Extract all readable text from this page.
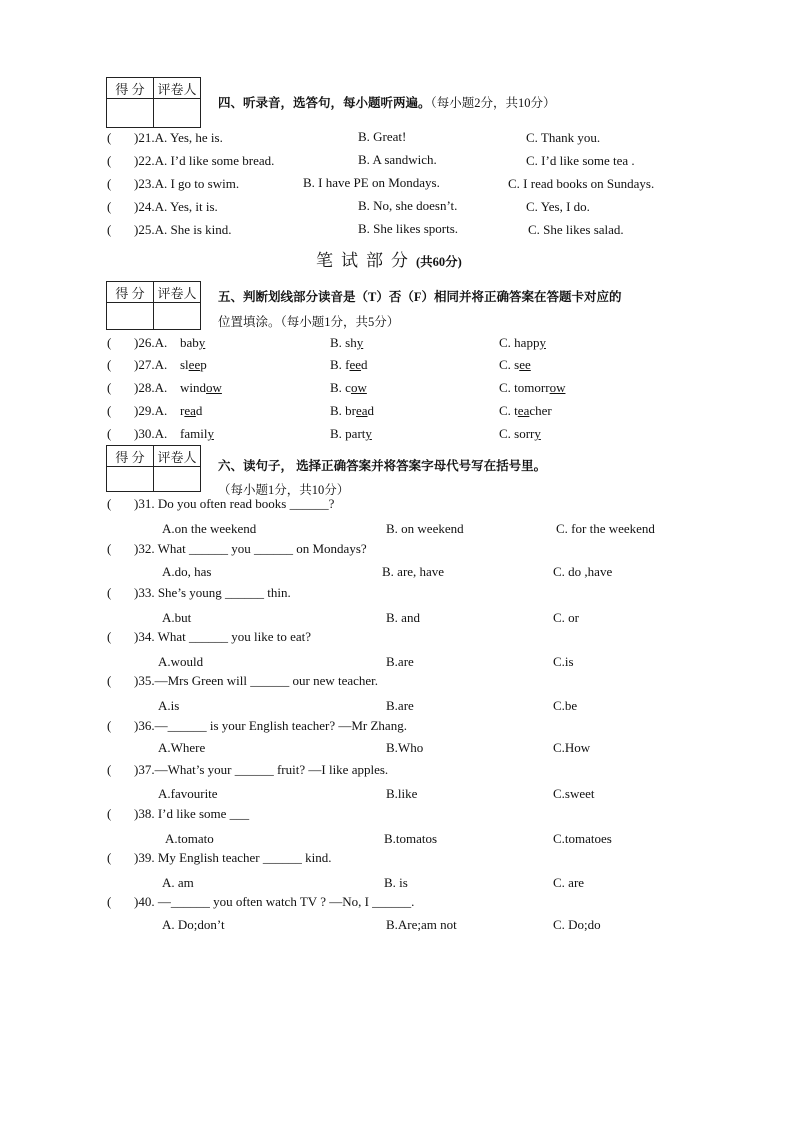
得 分	评卷人

四、听录音，选答句，每小题听两遍。（每小题2分，共10分）
( )21.A. Yes, he is.	B. Great!	C. Thank you.
( )22.A. I’d like some bread.	B. A sandwich.	C. I’d like some tea .
( )23.A. I go to swim.	B. I have PE on Mondays.	C. I read books on Sundays.
( )24.A. Yes, it is.	B. No, she doesn’t.	C. Yes, I do.
( )25.A. She is kind.	B. She likes sports.	C. She likes salad.
笔试部分(共60分)
得 分	评卷人
	五、判断划线部分读音是（T）否（F）相同并将正确答案在答题卡对应的
位置填涂。（每小题1分，共5分）
( )26.A. baby	B. shy	C. happy
( )27.A. sleep	B. feed	C. see
( )28.A. window	B. cow	C. tomorrow
( )29.A. read	B. bread	C. teacher
( )30.A. family	B. party	C. sorry
得 分	评卷人

六、读句子， 选择正确答案并将答案字母代号写在括号里。
（每小题1分，共10分）
( )31. Do you often read books ______?
A.on the weekend	B. on weekend	C. for the weekend
( )32. What ______ you ______ on Mondays?
A.do, has	B. are, have	C. do ,have
( )33. She’s young ______ thin.
A.but	B. and	C. or
( )34. What ______ you like to eat?
A.would	B.are	C.is
( )35.—Mrs Green will ______ our new teacher.
A.is	B.are	C.be
( )36.—______ is your English teacher? —Mr Zhang.
A.Where	B.Who	C.How
( )37.—What’s your ______ fruit? —I like apples.
A.favourite	B.like	C.sweet
( )38. I’d like some ___
A.tomato	B.tomatos	C.tomatoes
( )39. My English teacher ______ kind.
A. am	B. is	C. are
( )40. —______ you often watch TV ? —No, I ______.
A. Do;don’t	B.Are;am not	C. Do;do
